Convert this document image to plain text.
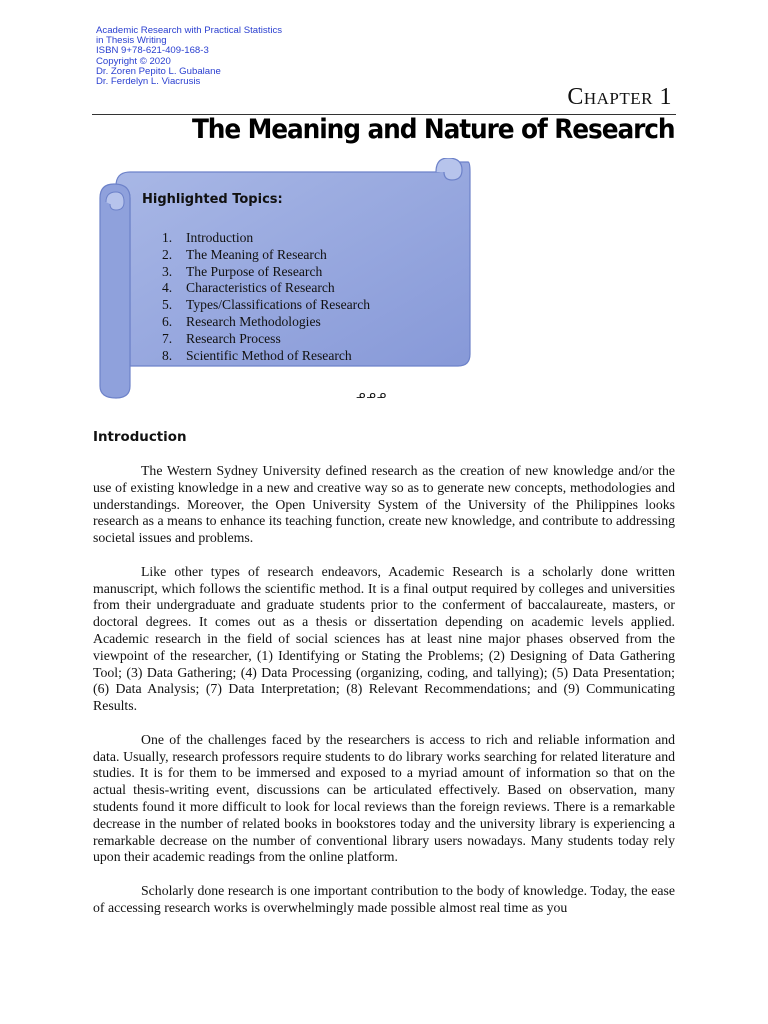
Academic Research with Practical Statistics
in Thesis Writing
ISBN 9+78-621-409-168-3
Copyright © 2020
Dr. Zoren Pepito L. Gubalane
Dr. Ferdelyn L. Viacrusis
Chapter 1
The Meaning and Nature of Research
Highlighted Topics:
1.	Introduction
2.	The Meaning of Research
3.	The Purpose of Research
4.	Characteristics of Research
5.	Types/Classifications of Research
6.	Research Methodologies
7.	Research Process
8.	Scientific Method of Research
ᓄᓄᓄ
Introduction

The Western Sydney University defined research as the creation of new knowledge and/or the use of existing knowledge in a new and creative way so as to generate new concepts, methodologies and understandings. Moreover, the Open University System of the University of the Philippines looks research as a means to enhance its teaching function, create new knowledge, and contribute to addressing societal issues and problems.

Like other types of research endeavors, Academic Research is a scholarly done written manuscript, which follows the scientific method. It is a final output required by colleges and universities from their undergraduate and graduate students prior to the conferment of baccalaureate, masters, or doctoral degrees. It comes out as a thesis or dissertation depending on academic levels applied. Academic research in the field of social sciences has at least nine major phases observed from the viewpoint of the researcher, (1) Identifying or Stating the Problems; (2) Designing of Data Gathering Tool; (3) Data Gathering; (4) Data Processing (organizing, coding, and tallying); (5) Data Presentation; (6) Data Analysis; (7) Data Interpretation; (8) Relevant Recommendations; and (9) Communicating Results.

One of the challenges faced by the researchers is access to rich and reliable information and data. Usually, research professors require students to do library works searching for related literature and studies. It is for them to be immersed and exposed to a myriad amount of information so that on the actual thesis-writing event, discussions can be articulated effectively. Based on observation, many students found it more difficult to look for local reviews than the foreign reviews. There is a remarkable decrease in the number of related books in bookstores today and the university library is experiencing a remarkable decrease on the number of conventional library users nowadays. Many students today rely upon their academic readings from the online platform.

Scholarly done research is one important contribution to the body of knowledge. Today, the ease of accessing research works is overwhelmingly made possible almost real time as you
